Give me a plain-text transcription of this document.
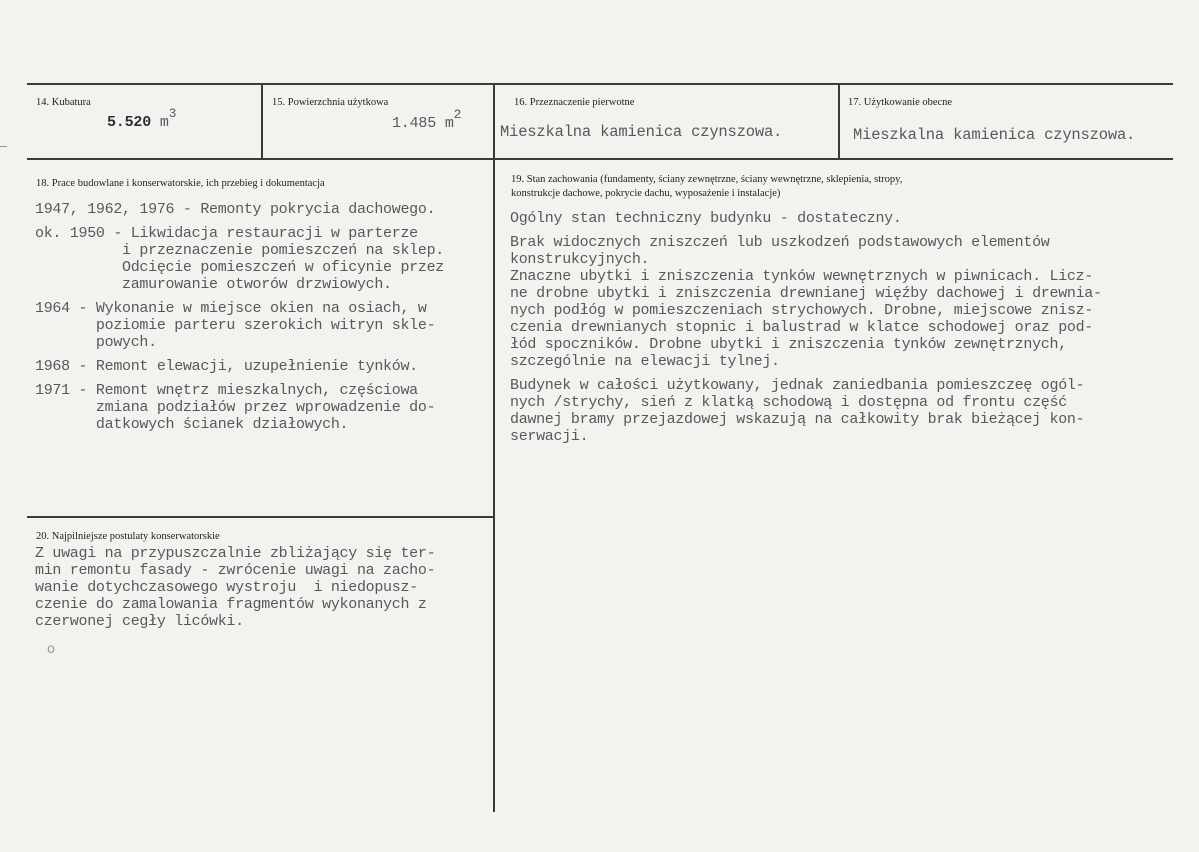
14. Kubatura
5.520 m3
15. Powierzchnia użytkowa
1.485 m2
16. Przeznaczenie pierwotne
Mieszkalna kamienica czynszowa.
17. Użytkowanie obecne
Mieszkalna kamienica czynszowa.
18. Prace budowlane i konserwatorskie, ich przebieg i dokumentacja

1947, 1962, 1976 - Remonty pokrycia dachowego.

ok. 1950 - Likwidacja restauracji w parterze

i przeznaczenie pomieszczeń na sklep.

Odcięcie pomieszczeń w oficynie przez

zamurowanie otworów drzwiowych.

1964 - Wykonanie w miejsce okien na osiach, w

poziomie parteru szerokich witryn skle-

powych.

1968 - Remont elewacji, uzupełnienie tynków.

1971 - Remont wnętrz mieszkalnych, częściowa

zmiana podziałów przez wprowadzenie do-

datkowych ścianek działowych.

19. Stan zachowania (fundamenty, ściany zewnętrzne, ściany wewnętrzne, sklepienia, stropy,
konstrukcje dachowe, pokrycie dachu, wyposażenie i instalacje)

Ogólny stan techniczny budynku - dostateczny.

Brak widocznych zniszczeń lub uszkodzeń podstawowych elementów

konstrukcyjnych.

Znaczne ubytki i zniszczenia tynków wewnętrznych w piwnicach. Licz-

ne drobne ubytki i zniszczenia drewnianej więźby dachowej i drewnia-

nych podłóg w pomieszczeniach strychowych. Drobne, miejscowe znisz-

czenia drewnianych stopnic i balustrad w klatce schodowej oraz pod-

łód spoczników. Drobne ubytki i zniszczenia tynków zewnętrznych,

szczególnie na elewacji tylnej.

Budynek w całości użytkowany, jednak zaniedbania pomieszczeę ogól-

nych /strychy, sień z klatką schodową i dostępna od frontu część

dawnej bramy przejazdowej wskazują na całkowity brak bieżącej kon-

serwacji.

20. Najpilniejsze postulaty konserwatorskie

Z uwagi na przypuszczalnie zbliżający się ter-

min remontu fasady - zwrócenie uwagi na zacho-

wanie dotychczasowego wystroju  i niedopusz-

czenie do zamalowania fragmentów wykonanych z

czerwonej cegły licówki.

o
